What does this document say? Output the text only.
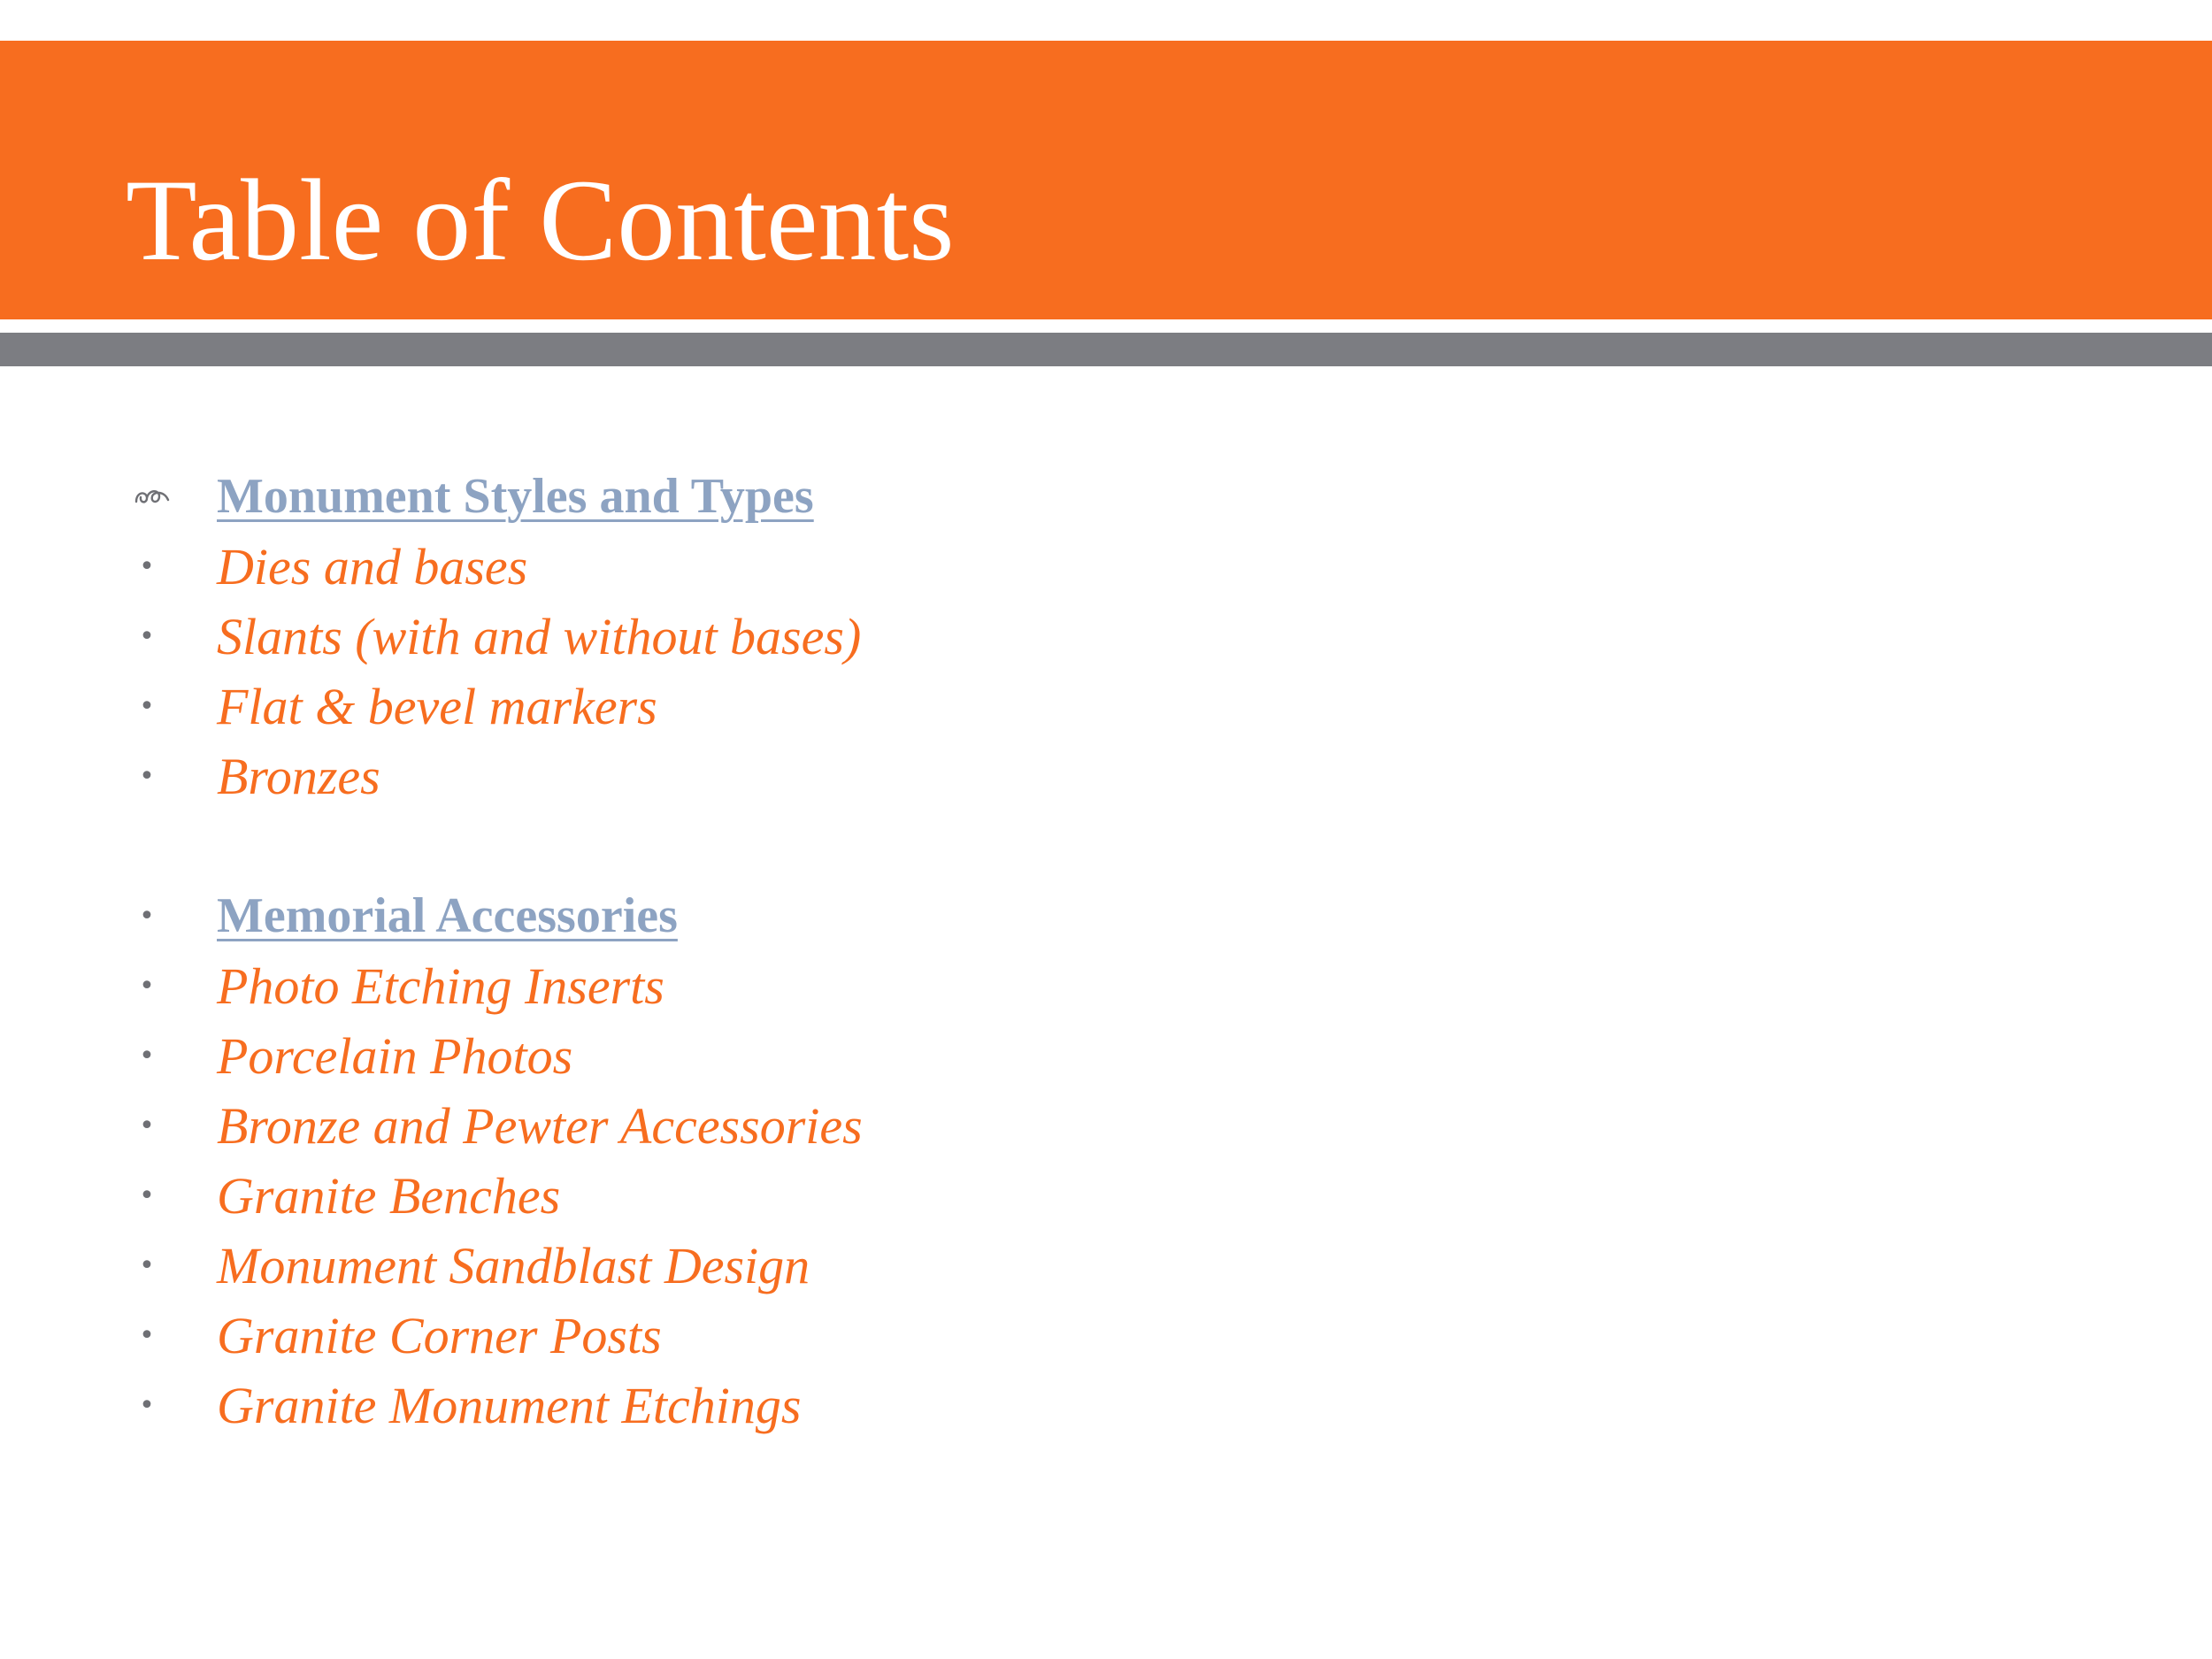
Table of Contents
Monument Styles and Types
• Dies and bases
• Slants (with and without bases)
• Flat & bevel markers
• Bronzes
• Memorial Accessories
• Photo Etching Inserts
• Porcelain Photos
• Bronze and Pewter Accessories
• Granite Benches
• Monument Sandblast Design
• Granite Corner Posts
• Granite Monument Etchings
